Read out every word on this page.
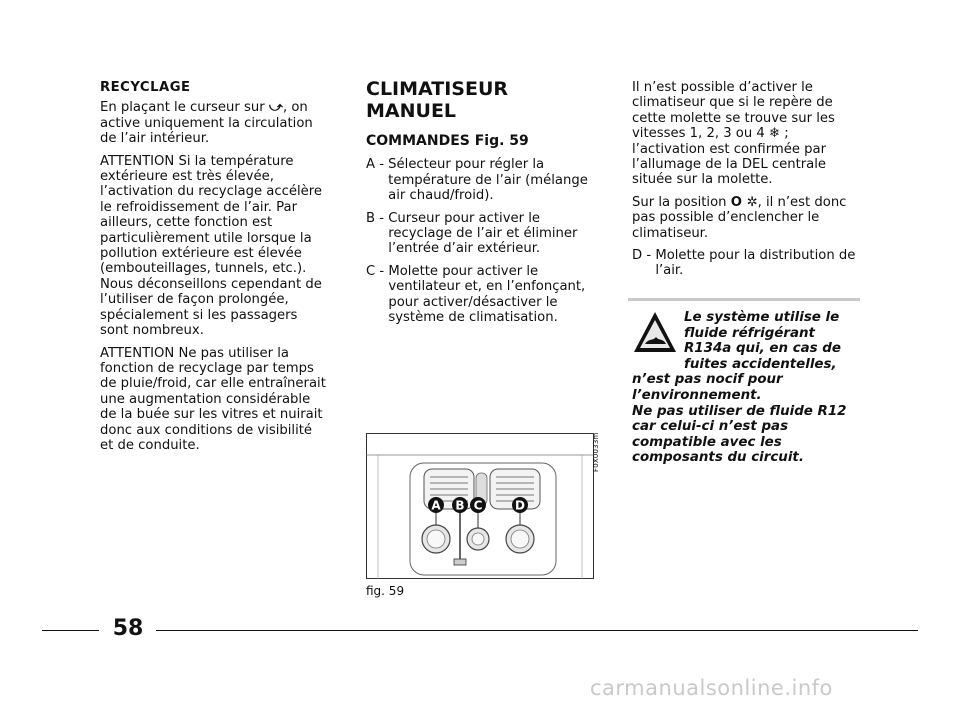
RECYCLAGE

En plaçant le curseur sur ⤻, on active uniquement la circulation de l’air intérieur.

ATTENTION Si la température extérieure est très élevée, l’activation du recyclage accélère le refroidissement de l’air. Par ailleurs, cette fonction est particulièrement utile lorsque la pollution extérieure est élevée (embouteillages, tunnels, etc.). Nous déconseillons cependant de l’utiliser de façon prolongée, spécialement si les passagers sont nombreux.

ATTENTION Ne pas utiliser la fonction de recyclage par temps de pluie/froid, car elle entraînerait une augmentation considérable de la buée sur les vitres et nuirait donc aux conditions de visibilité et de conduite.

CLIMATISEUR MANUEL

COMMANDES Fig. 59

A - Sélecteur pour régler la température de l’air (mélange air chaud/froid).
B - Curseur pour activer le recyclage de l’air et éliminer l’entrée d’air extérieur.
C - Molette pour activer le ventilateur et, en l’enfonçant, pour activer/désactiver le système de climatisation.
A B C	D
F0X0033m
fig. 59

Il n’est possible d’activer le climatiseur que si le repère de cette molette se trouve sur les vitesses 1, 2, 3 ou 4 ❄ ; l’activation est confirmée par l’allumage de la DEL centrale située sur la molette.

Sur la position O ✲, il n’est donc pas possible d’enclencher le climatiseur.

D - Molette pour la distribution de l’air.

Le système utilise le fluide réfrigérant R134a qui, en cas de fuites accidentelles, n’est pas nocif pour l’environnement.

Ne pas utiliser de fluide R12 car celui-ci n’est pas compatible avec les composants du circuit.

58
carmanualsonline.info
